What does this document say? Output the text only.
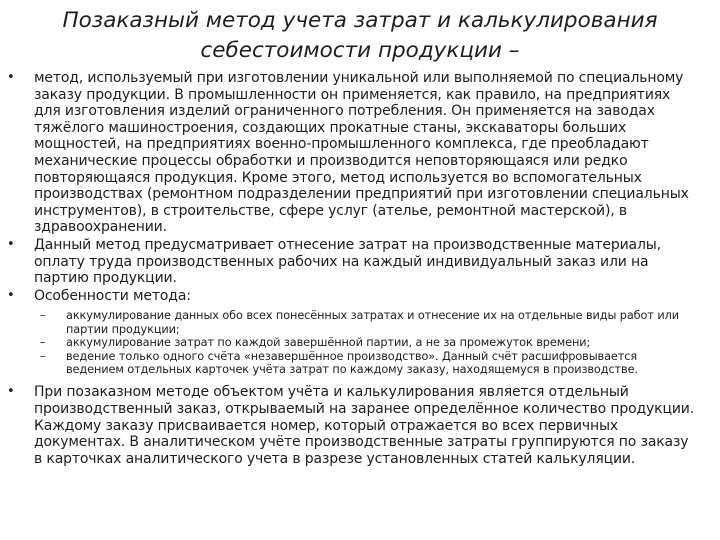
Позаказный метод учета затрат и калькулирования себестоимости продукции –
• метод, используемый при изготовлении уникальной или выполняемой по специальному заказу продукции. В промышленности он применяется, как правило, на предприятиях для изготовления изделий ограниченного потребления. Он применяется на заводах тяжёлого машиностроения, создающих прокатные станы, экскаваторы больших мощностей, на предприятиях военно-промышленного комплекса, где преобладают механические процессы обработки и производится неповторяющаяся или редко повторяющаяся продукция. Кроме этого, метод используется во вспомогательных производствах (ремонтном подразделении предприятий при изготовлении специальных инструментов), в строительстве, сфере услуг (ателье, ремонтной мастерской), в здравоохранении.
• Данный метод предусматривает отнесение затрат на производственные материалы, оплату труда производственных рабочих на каждый индивидуальный заказ или на партию продукции.
• Особенности метода:
– аккумулирование данных обо всех понесённых затратах и отнесение их на отдельные виды работ или партии продукции;
– аккумулирование затрат по каждой завершённой партии, а не за промежуток времени;
– ведение только одного счёта «незавершённое производство». Данный счёт расшифровывается ведением отдельных карточек учёта затрат по каждому заказу, находящемуся в производстве.
• При позаказном методе объектом учёта и калькулирования является отдельный производственный заказ, открываемый на заранее определённое количество продукции. Каждому заказу присваивается номер, который отражается во всех первичных документах. В аналитическом учёте производственные затраты группируются по заказу в карточках аналитического учета в разрезе установленных статей калькуляции.
